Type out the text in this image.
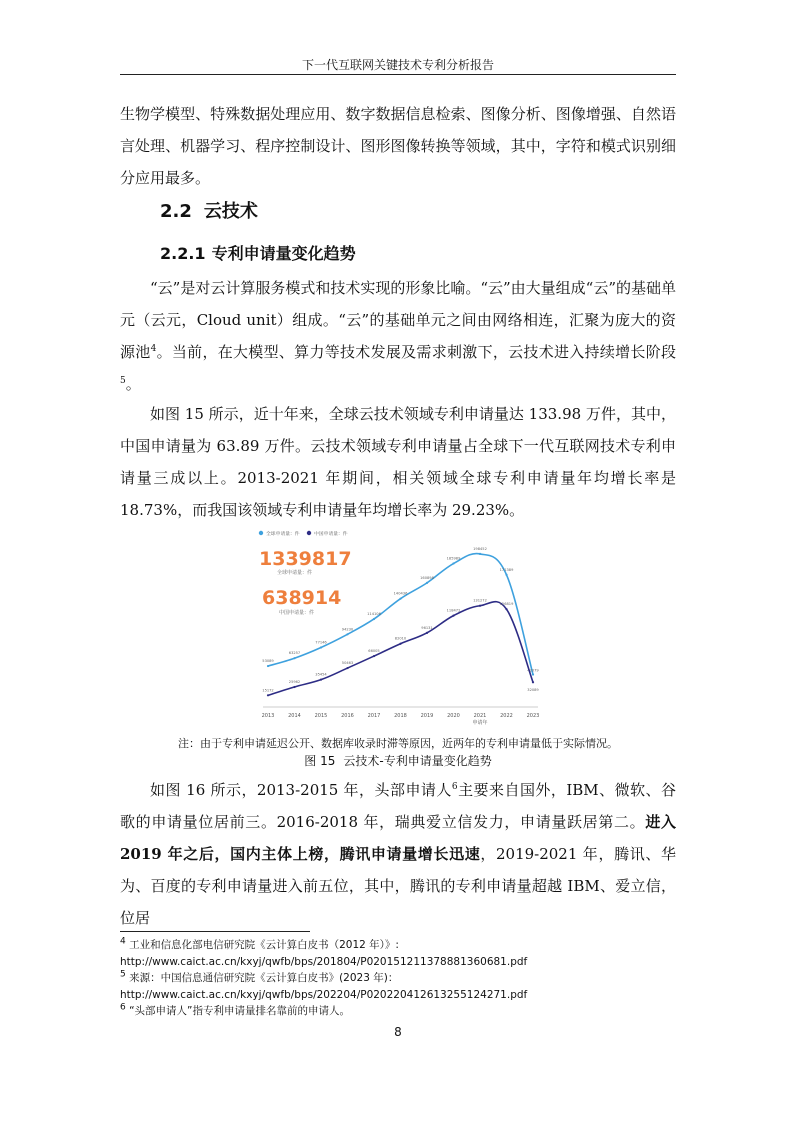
下一代互联网关键技术专利分析报告

生物学模型、特殊数据处理应用、数字数据信息检索、图像分析、图像增强、自然语言处理、机器学习、程序控制设计、图形图像转换等领域，其中，字符和模式识别细分应用最多。

2.2 云技术
2.2.1 专利申请量变化趋势

“云”是对云计算服务模式和技术实现的形象比喻。“云”由大量组成“云”的基础单元（云元，Cloud unit）组成。“云”的基础单元之间由网络相连，汇聚为庞大的资源池$^4$。当前，在大模型、算力等技术发展及需求刺激下，云技术进入持续增长阶段$^5$。

如图 15 所示，近十年来，全球云技术领域专利申请量达 133.98 万件，其中，中国申请量为 63.89 万件。云技术领域专利申请量占全球下一代互联网技术专利申请量三成以上。2013-2021 年期间，相关领域全球专利申请量年均增长率是 18.73%，而我国该领域专利申请量年均增长率为 29.23%。

全球申请量：件	中国申请量：件
1339817
全球申请量：件
638914
中国申请量：件
2013	2014	2015	2016	2017	2018	2019	2020	2021	2022	2023
申请年
53089
63257
77146
94230
114106
140436
160898
185989
198452
171389
42079
15172
25962
35454
50463
66005
82010
96131
118472
131272
126819
32089
注：由于专利申请延迟公开、数据库收录时滞等原因，近两年的专利申请量低于实际情况。
图 15 云技术-专利申请量变化趋势

如图 16 所示，2013-2015 年，头部申请人$^6$主要来自国外，IBM、微软、谷歌的申请量位居前三。2016-2018 年，瑞典爱立信发力，申请量跃居第二。进入 2019 年之后，国内主体上榜，腾讯申请量增长迅速，2019-2021 年，腾讯、华为、百度的专利申请量进入前五位，其中，腾讯的专利申请量超越 IBM、爱立信，位居

$^4$ 工业和信息化部电信研究院《云计算白皮书（2012 年）》:
http://www.caict.ac.cn/kxyj/qwfb/bps/201804/P020151211378881360681.pdf
$^5$ 来源：中国信息通信研究院《云计算白皮书》(2023 年)：
http://www.caict.ac.cn/kxyj/qwfb/bps/202204/P020220412613255124271.pdf
$^6$ “头部申请人”指专利申请量排名靠前的申请人。
8
